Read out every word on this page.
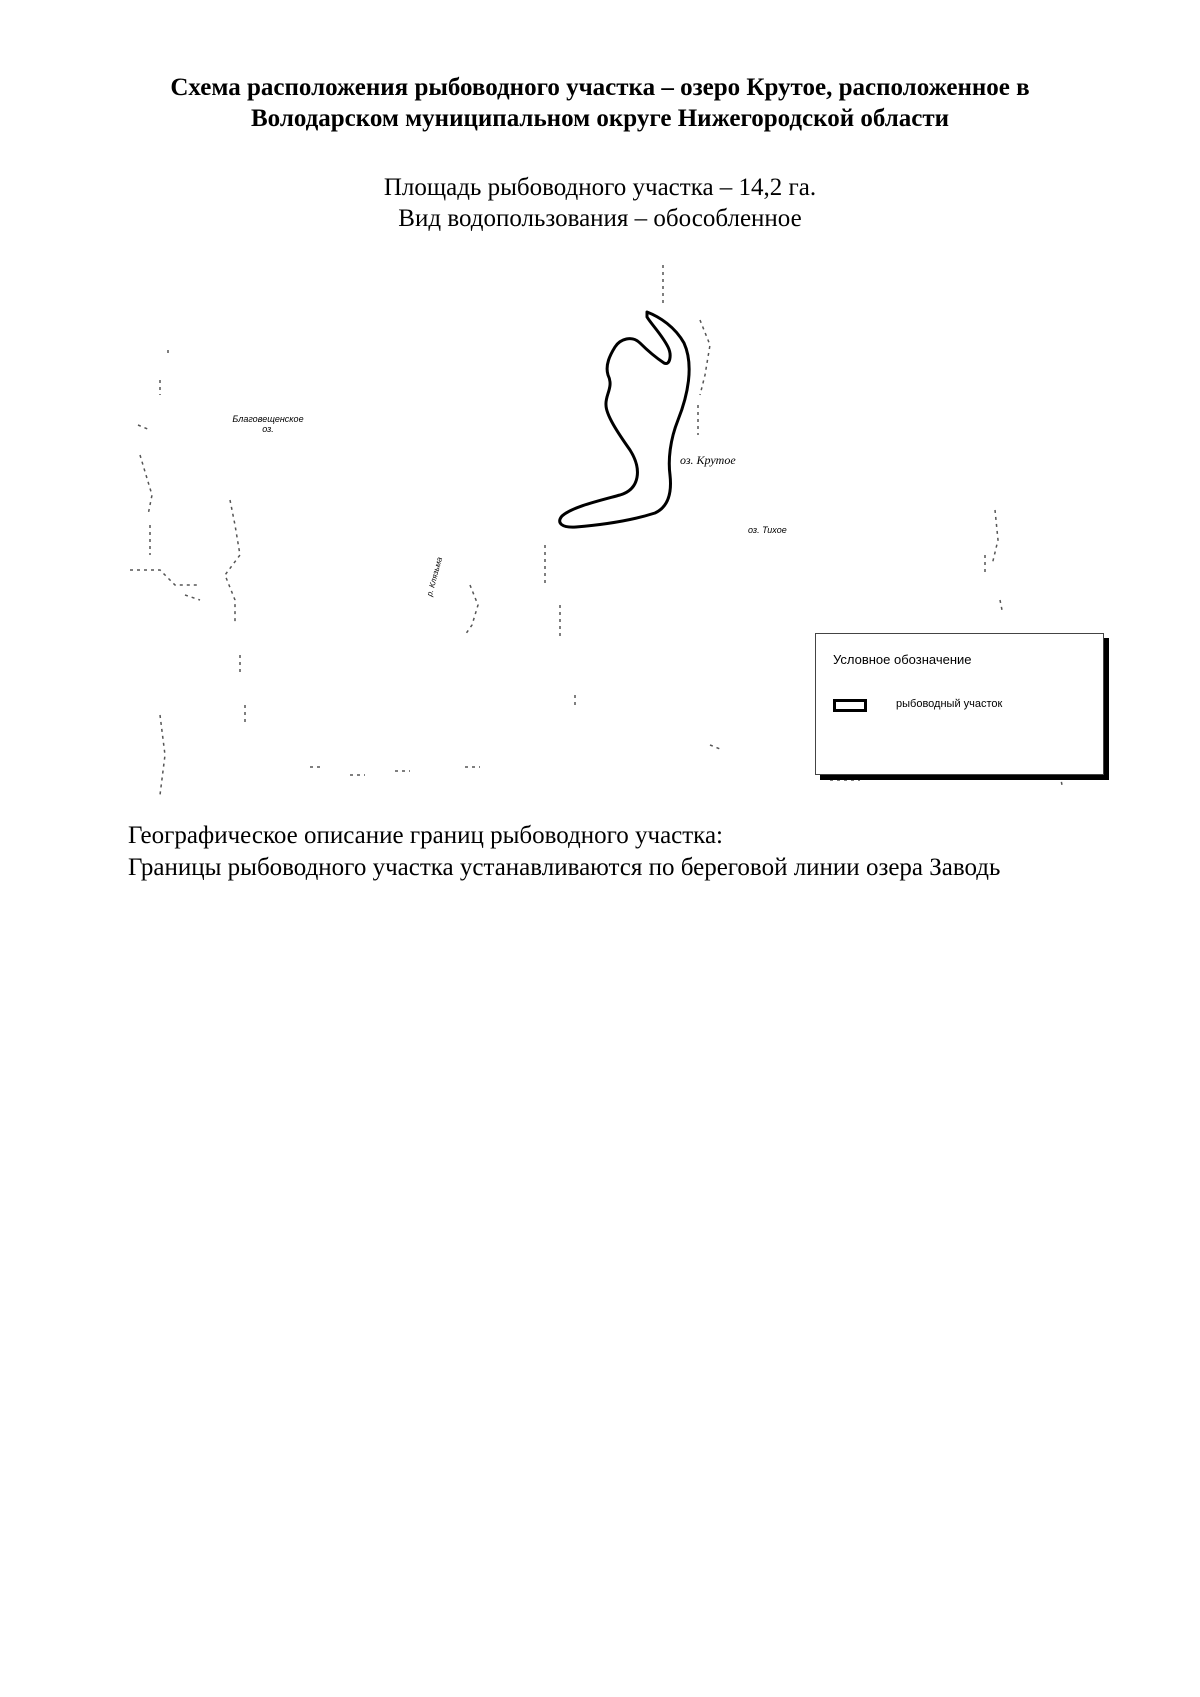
Схема расположения рыбоводного участка – озеро Крутое, расположенное в
Володарском муниципальном округе Нижегородской области
Площадь рыбоводного участка – 14,2 га.
Вид водопользования – обособленное
Благовещенское
оз.
оз. Крутое
оз. Тихое
р. Клязьма
Условное обозначение
рыбоводный участок

Географическое описание границ рыбоводного участка:

Границы рыбоводного участка устанавливаются по береговой линии озера Заводь
